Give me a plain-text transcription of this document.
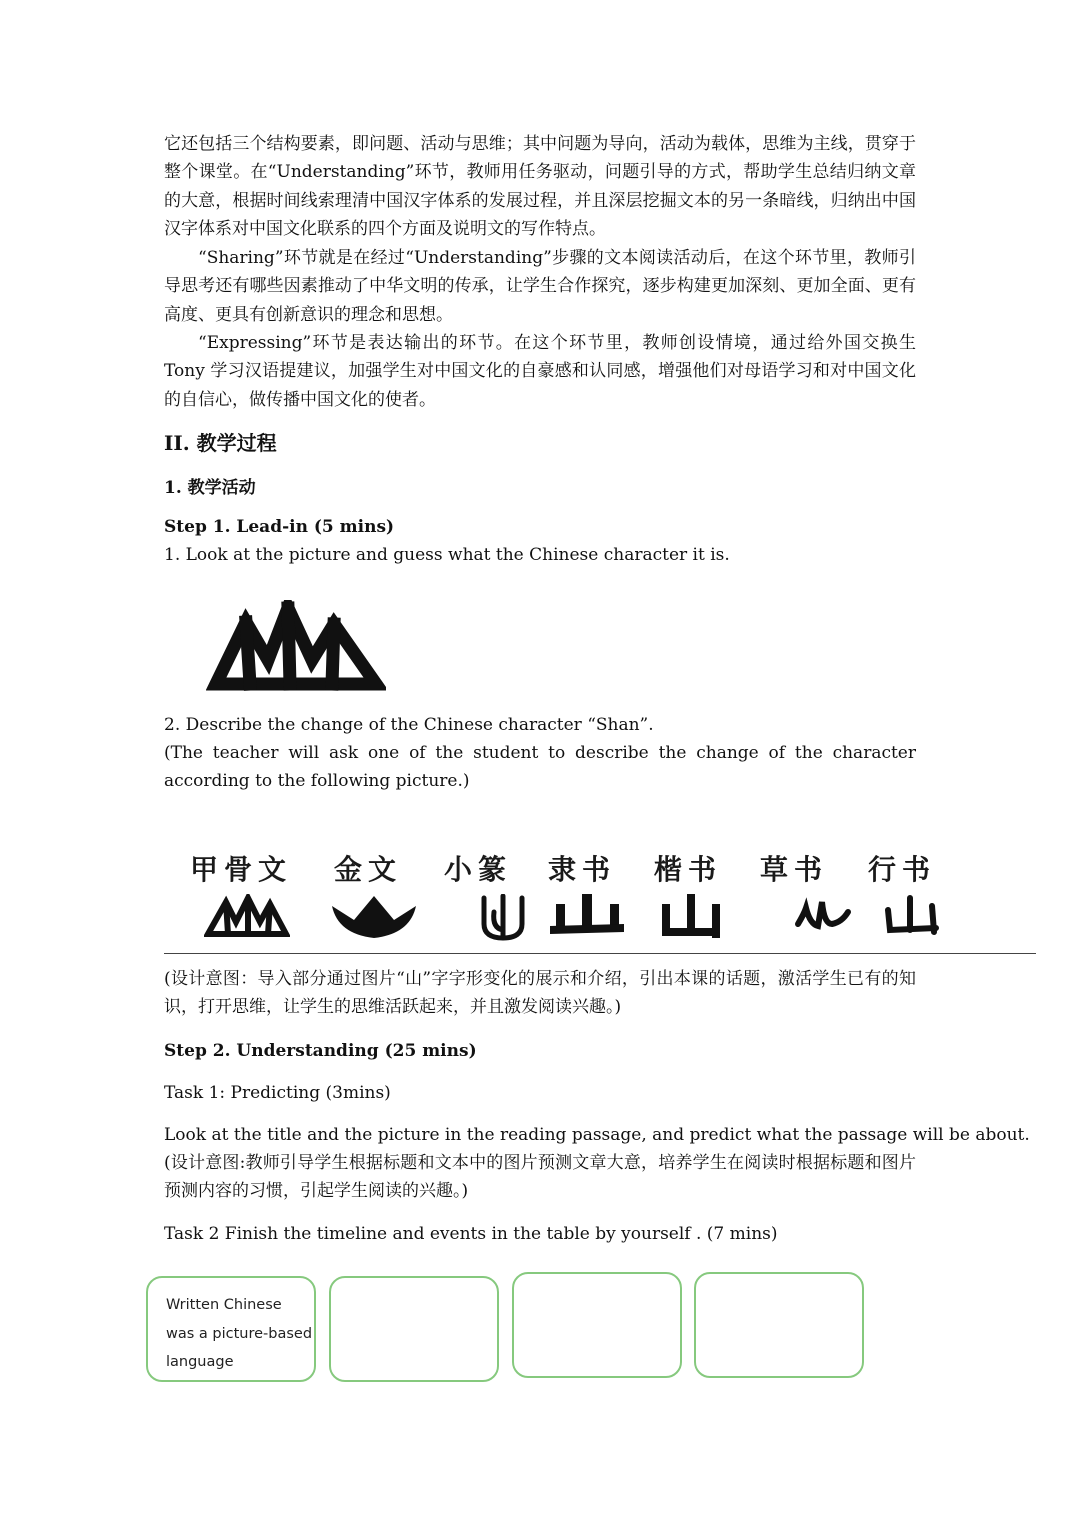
它还包括三个结构要素，即问题、活动与思维；其中问题为导向，活动为载体，思维为主线，贯穿于整个课堂。在“Understanding”环节，教师用任务驱动，问题引导的方式，帮助学生总结归纳文章的大意，根据时间线索理清中国汉字体系的发展过程，并且深层挖掘文本的另一条暗线，归纳出中国汉字体系对中国文化联系的四个方面及说明文的写作特点。

“Sharing”环节就是在经过“Understanding”步骤的文本阅读活动后，在这个环节里，教师引导思考还有哪些因素推动了中华文明的传承，让学生合作探究，逐步构建更加深刻、更加全面、更有高度、更具有创新意识的理念和思想。

“Expressing”环节是表达输出的环节。在这个环节里，教师创设情境，通过给外国交换生 Tony 学习汉语提建议，加强学生对中国文化的自豪感和认同感，增强他们对母语学习和对中国文化的自信心，做传播中国文化的使者。

II. 教学过程
1. 教学活动

Step 1. Lead-in (5 mins)

1. Look at the picture and guess what the Chinese character it is.

2. Describe the change of the Chinese character “Shan”.

(The teacher will ask one of the student to describe the change of the character according to the following picture.)

甲骨文 金文 小篆 隶书 楷书 草书 行书

(设计意图：导入部分通过图片“山”字字形变化的展示和介绍，引出本课的话题，激活学生已有的知识，打开思维，让学生的思维活跃起来，并且激发阅读兴趣。)

Step 2. Understanding (25 mins)

Task 1: Predicting (3mins)

Look at the title and the picture in the reading passage, and predict what the passage will be about.

(设计意图:教师引导学生根据标题和文本中的图片预测文章大意，培养学生在阅读时根据标题和图片预测内容的习惯，引起学生阅读的兴趣。)

Task 2 Finish the timeline and events in the table by yourself . (7 mins)

Written Chinese
was a picture-based
language
